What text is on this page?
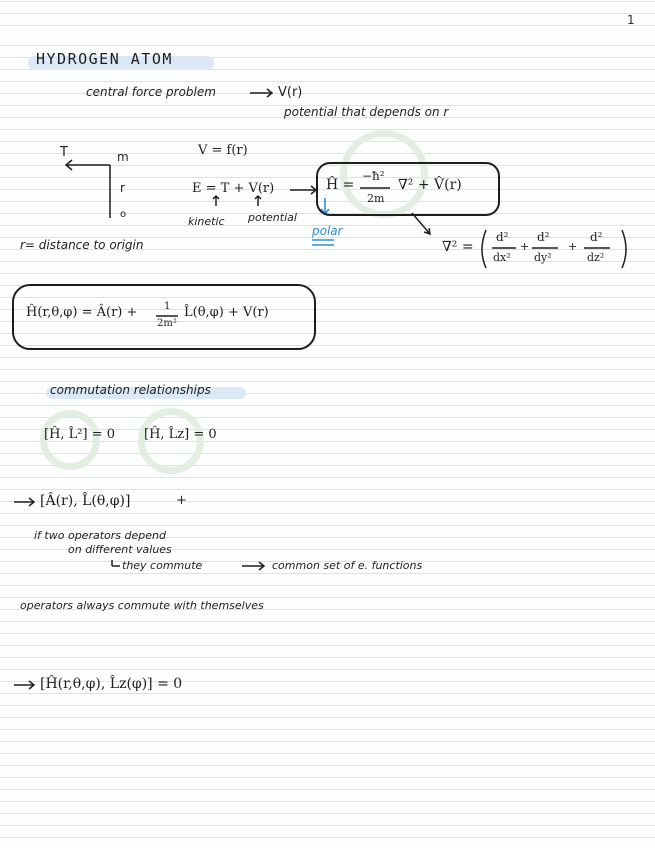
1
HYDROGEN ATOM
central force problem	V(r)
potential that depends on r
T	m
r
o
r= distance to origin
V = f(r)
E = T + V(r)
kinetic potential
Ĥ =
−ħ²
2m
∇² + V̂(r)
polar
∇² =
d²
dx²
+
d²
dy²
+
d²
dz²
Ĥ(r,θ,φ) = Â(r) +	1
2m²
L̂(θ,φ) + V(r)
commutation relationships
[Ĥ, L̂²] = 0 [Ĥ, L̂z] = 0
[Â(r), L̂(θ,φ)]	+
if two operators depend
on different values
they commute	common set of e. functions
operators always commute with themselves
[Ĥ(r,θ,φ), L̂z(φ)] = 0
